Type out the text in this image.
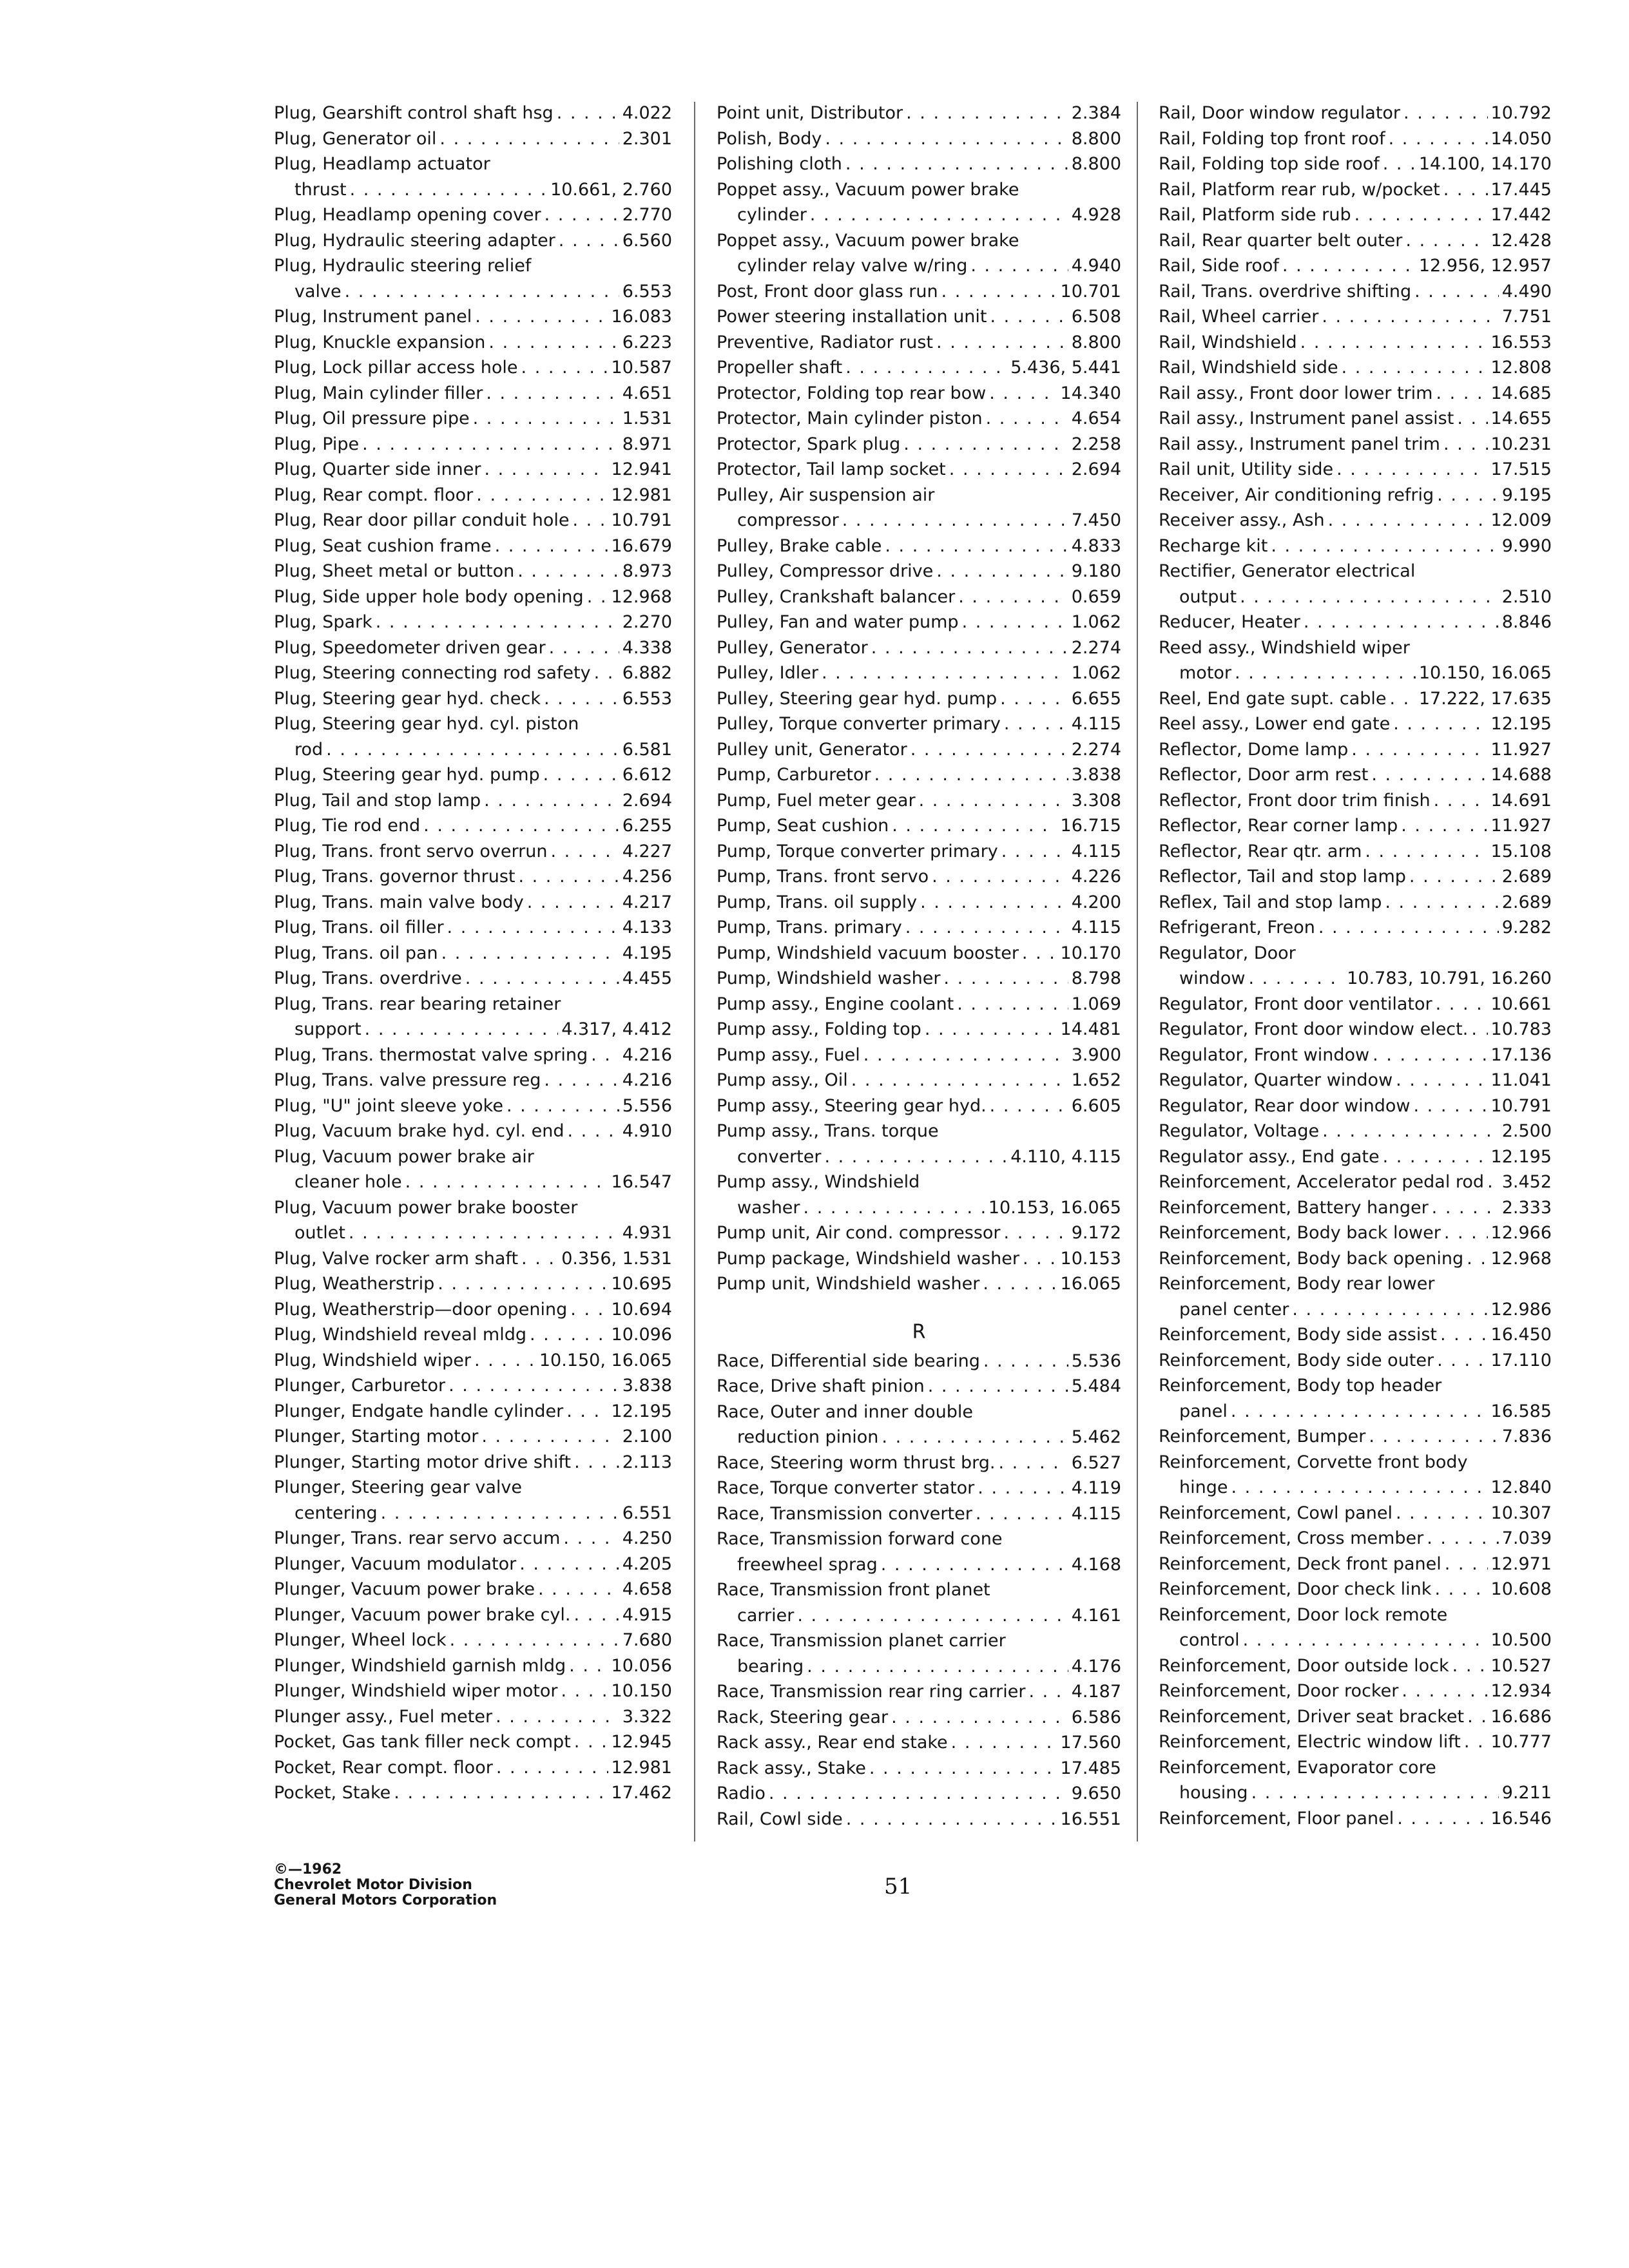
Plug, Gearshift control shaft hsg . . .	4.022
Plug, Generator oil . . .	2.301
Plug, Headlamp actuator
thrust . . .	10.661, 2.760
Plug, Headlamp opening cover . . .	2.770
Plug, Hydraulic steering adapter . . .	6.560
Plug, Hydraulic steering relief
valve . . .	6.553
Plug, Instrument panel . . .	16.083
Plug, Knuckle expansion . . .	6.223
Plug, Lock pillar access hole . . .	10.587
Plug, Main cylinder filler . . .	4.651
Plug, Oil pressure pipe . . .	1.531
Plug, Pipe . . .	8.971
Plug, Quarter side inner . . .	12.941
Plug, Rear compt. floor . . .	12.981
Plug, Rear door pillar conduit hole . . . 10.791
Plug, Seat cushion frame . . .	16.679
Plug, Sheet metal or button . . .	8.973
Plug, Side upper hole body opening . . . 12.968
Plug, Spark . . .	2.270
Plug, Speedometer driven gear . . .	4.338
Plug, Steering connecting rod safety . . . 6.882
Plug, Steering gear hyd. check . . .	6.553
Plug, Steering gear hyd. cyl. piston
rod . . .	6.581
Plug, Steering gear hyd. pump . . .	6.612
Plug, Tail and stop lamp . . .	2.694
Plug, Tie rod end . . .	6.255
Plug, Trans. front servo overrun . . .	4.227
Plug, Trans. governor thrust . . .	4.256
Plug, Trans. main valve body . . .	4.217
Plug, Trans. oil filler . . .	4.133
Plug, Trans. oil pan . . .	4.195
Plug, Trans. overdrive . . .	4.455
Plug, Trans. rear bearing retainer
support . . .	4.317, 4.412
Plug, Trans. thermostat valve spring . . . 4.216
Plug, Trans. valve pressure reg . . .	4.216
Plug, "U" joint sleeve yoke . . .	5.556
Plug, Vacuum brake hyd. cyl. end . . .	4.910
Plug, Vacuum power brake air
cleaner hole . . .	16.547
Plug, Vacuum power brake booster
outlet . . .	4.931
Plug, Valve rocker arm shaft . . . 0.356, 1.531
Plug, Weatherstrip . . .	10.695
Plug, Weatherstrip—door opening . . .	10.694
Plug, Windshield reveal mldg . . .	10.096
Plug, Windshield wiper . . .	10.150, 16.065
Plunger, Carburetor . . .	3.838
Plunger, Endgate handle cylinder . . .	12.195
Plunger, Starting motor . . .	2.100
Plunger, Starting motor drive shift . . .	2.113
Plunger, Steering gear valve
centering . . .	6.551
Plunger, Trans. rear servo accum . . .	4.250
Plunger, Vacuum modulator . . .	4.205
Plunger, Vacuum power brake . . .	4.658
Plunger, Vacuum power brake cyl. . . .	4.915
Plunger, Wheel lock . . .	7.680
Plunger, Windshield garnish mldg . . .	10.056
Plunger, Windshield wiper motor . . .	10.150
Plunger assy., Fuel meter . . .	3.322
Pocket, Gas tank filler neck compt . . . 12.945
Pocket, Rear compt. floor . . .	12.981
Pocket, Stake . . .	17.462
Point unit, Distributor . . .	2.384
Polish, Body . . .	8.800
Polishing cloth . . .	8.800
Poppet assy., Vacuum power brake
cylinder . . .	4.928
Poppet assy., Vacuum power brake
cylinder relay valve w/ring . . .	4.940
Post, Front door glass run . . .	10.701
Power steering installation unit . . .	6.508
Preventive, Radiator rust . . .	8.800
Propeller shaft . . .	5.436, 5.441
Protector, Folding top rear bow . . .	14.340
Protector, Main cylinder piston . . .	4.654
Protector, Spark plug . . .	2.258
Protector, Tail lamp socket . . .	2.694
Pulley, Air suspension air
compressor . . .	7.450
Pulley, Brake cable . . .	4.833
Pulley, Compressor drive . . .	9.180
Pulley, Crankshaft balancer . . .	0.659
Pulley, Fan and water pump . . .	1.062
Pulley, Generator . . .	2.274
Pulley, Idler . . .	1.062
Pulley, Steering gear hyd. pump . . .	6.655
Pulley, Torque converter primary . . .	4.115
Pulley unit, Generator . . .	2.274
Pump, Carburetor . . .	3.838
Pump, Fuel meter gear . . .	3.308
Pump, Seat cushion . . .	16.715
Pump, Torque converter primary . . .	4.115
Pump, Trans. front servo . . .	4.226
Pump, Trans. oil supply . . .	4.200
Pump, Trans. primary . . .	4.115
Pump, Windshield vacuum booster . . . 10.170
Pump, Windshield washer . . .	8.798
Pump assy., Engine coolant . . .	1.069
Pump assy., Folding top . . .	14.481
Pump assy., Fuel . . .	3.900
Pump assy., Oil . . .	1.652
Pump assy., Steering gear hyd. . . .	6.605
Pump assy., Trans. torque
converter . . .	4.110, 4.115
Pump assy., Windshield
washer . . .	10.153, 16.065
Pump unit, Air cond. compressor . . .	9.172
Pump package, Windshield washer . . . 10.153
Pump unit, Windshield washer . . .	16.065
R
Race, Differential side bearing . . .	5.536
Race, Drive shaft pinion . . .	5.484
Race, Outer and inner double
reduction pinion . . .	5.462
Race, Steering worm thrust brg. . . .	6.527
Race, Torque converter stator . . .	4.119
Race, Transmission converter . . .	4.115
Race, Transmission forward cone
freewheel sprag . . .	4.168
Race, Transmission front planet
carrier . . .	4.161
Race, Transmission planet carrier
bearing . . .	4.176
Race, Transmission rear ring carrier . . .	4.187
Rack, Steering gear . . .	6.586
Rack assy., Rear end stake . . .	17.560
Rack assy., Stake . . .	17.485
Radio . . .	9.650
Rail, Cowl side . . .	16.551
Rail, Door window regulator . . .	10.792
Rail, Folding top front roof . . .	14.050
Rail, Folding top side roof . . . 14.100, 14.170
Rail, Platform rear rub, w/pocket . . .	17.445
Rail, Platform side rub . . .	17.442
Rail, Rear quarter belt outer . . .	12.428
Rail, Side roof . . .	12.956, 12.957
Rail, Trans. overdrive shifting . . .	4.490
Rail, Wheel carrier . . .	7.751
Rail, Windshield . . .	16.553
Rail, Windshield side . . .	12.808
Rail assy., Front door lower trim . . .	14.685
Rail assy., Instrument panel assist . . . 14.655
Rail assy., Instrument panel trim . . .	10.231
Rail unit, Utility side . . .	17.515
Receiver, Air conditioning refrig . . .	9.195
Receiver assy., Ash . . .	12.009
Recharge kit . . .	9.990
Rectifier, Generator electrical
output . . .	2.510
Reducer, Heater . . .	8.846
Reed assy., Windshield wiper
motor . . .	10.150, 16.065
Reel, End gate supt. cable . . . 17.222, 17.635
Reel assy., Lower end gate . . .	12.195
Reflector, Dome lamp . . .	11.927
Reflector, Door arm rest . . .	14.688
Reflector, Front door trim finish . . .	14.691
Reflector, Rear corner lamp . . .	11.927
Reflector, Rear qtr. arm . . .	15.108
Reflector, Tail and stop lamp . . .	2.689
Reflex, Tail and stop lamp . . .	2.689
Refrigerant, Freon . . .	9.282
Regulator, Door
window . . .	10.783, 10.791, 16.260
Regulator, Front door ventilator . . .	10.661
Regulator, Front door window elect. . . . 10.783
Regulator, Front window . . .	17.136
Regulator, Quarter window . . .	11.041
Regulator, Rear door window . . .	10.791
Regulator, Voltage . . .	2.500
Regulator assy., End gate . . .	12.195
Reinforcement, Accelerator pedal rod . . . 3.452
Reinforcement, Battery hanger . . .	2.333
Reinforcement, Body back lower . . .	12.966
Reinforcement, Body back opening . . . 12.968
Reinforcement, Body rear lower
panel center . . .	12.986
Reinforcement, Body side assist . . .	16.450
Reinforcement, Body side outer . . .	17.110
Reinforcement, Body top header
panel . . .	16.585
Reinforcement, Bumper . . .	7.836
Reinforcement, Corvette front body
hinge . . .	12.840
Reinforcement, Cowl panel . . .	10.307
Reinforcement, Cross member . . .	7.039
Reinforcement, Deck front panel . . .	12.971
Reinforcement, Door check link . . .	10.608
Reinforcement, Door lock remote
control . . .	10.500
Reinforcement, Door outside lock . . . 10.527
Reinforcement, Door rocker . . .	12.934
Reinforcement, Driver seat bracket . . . 16.686
Reinforcement, Electric window lift . . . 10.777
Reinforcement, Evaporator core
housing . . .	9.211
Reinforcement, Floor panel . . .	16.546
©—1962
Chevrolet Motor Division
General Motors Corporation
51
